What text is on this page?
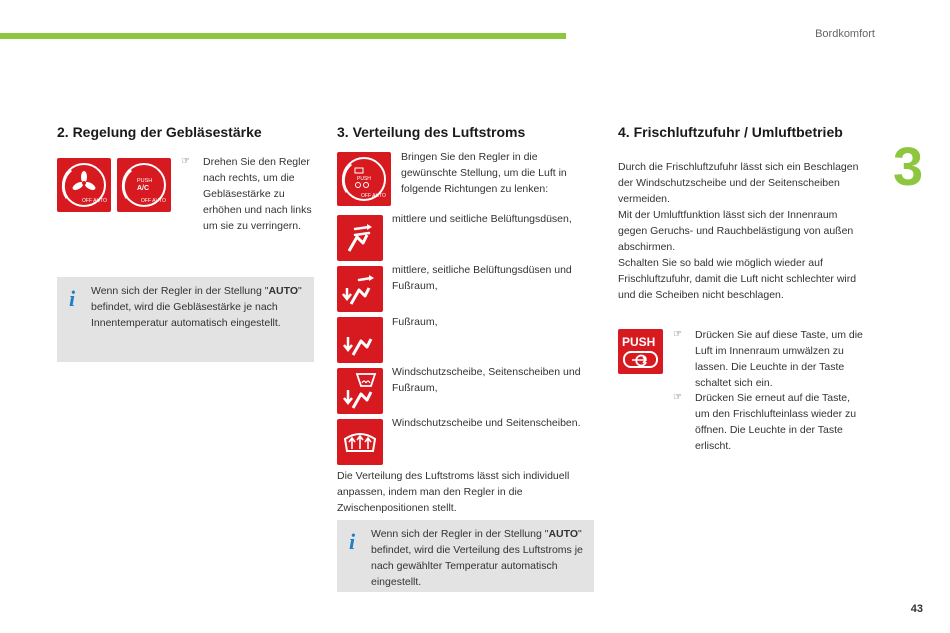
Bordkomfort
3
43
2. Regelung der Gebläsestärke
OFF AUTO
PUSH
A/C
OFF AUTO
☞ Drehen Sie den Regler nach rechts, um die Gebläsestärke zu erhöhen und nach links um sie zu verringern.
i Wenn sich der Regler in der Stellung "AUTO" befindet, wird die Gebläsestärke je nach Innentemperatur automatisch eingestellt.
3. Verteilung des Luftstroms
PUSH
OFF AUTO
Bringen Sie den Regler in die gewünschte Stellung, um die Luft in folgende Richtungen zu lenken:
mittlere und seitliche Belüftungsdüsen,
mittlere, seitliche Belüftungsdüsen und Fußraum,
Fußraum,
Windschutzscheibe, Seitenscheiben und Fußraum,
Windschutzscheibe und Seitenscheiben.
Die Verteilung des Luftstroms lässt sich individuell anpassen, indem man den Regler in die Zwischenpositionen stellt.
i Wenn sich der Regler in der Stellung "AUTO" befindet, wird die Verteilung des Luftstroms je nach gewählter Temperatur automatisch eingestellt.
4. Frischluftzufuhr / Umluftbetrieb
Durch die Frischluftzufuhr lässt sich ein Beschlagen der Windschutzscheibe und der Seitenscheiben vermeiden.
Mit der Umluftfunktion lässt sich der Innenraum gegen Geruchs- und Rauchbelästigung von außen abschirmen.
Schalten Sie so bald wie möglich wieder auf Frischluftzufuhr, damit die Luft nicht schlechter wird und die Scheiben nicht beschlagen.
PUSH
☞ Drücken Sie auf diese Taste, um die Luft im Innenraum umwälzen zu lassen. Die Leuchte in der Taste schaltet sich ein.
☞ Drücken Sie erneut auf die Taste, um den Frischlufteinlass wieder zu öffnen. Die Leuchte in der Taste erlischt.
